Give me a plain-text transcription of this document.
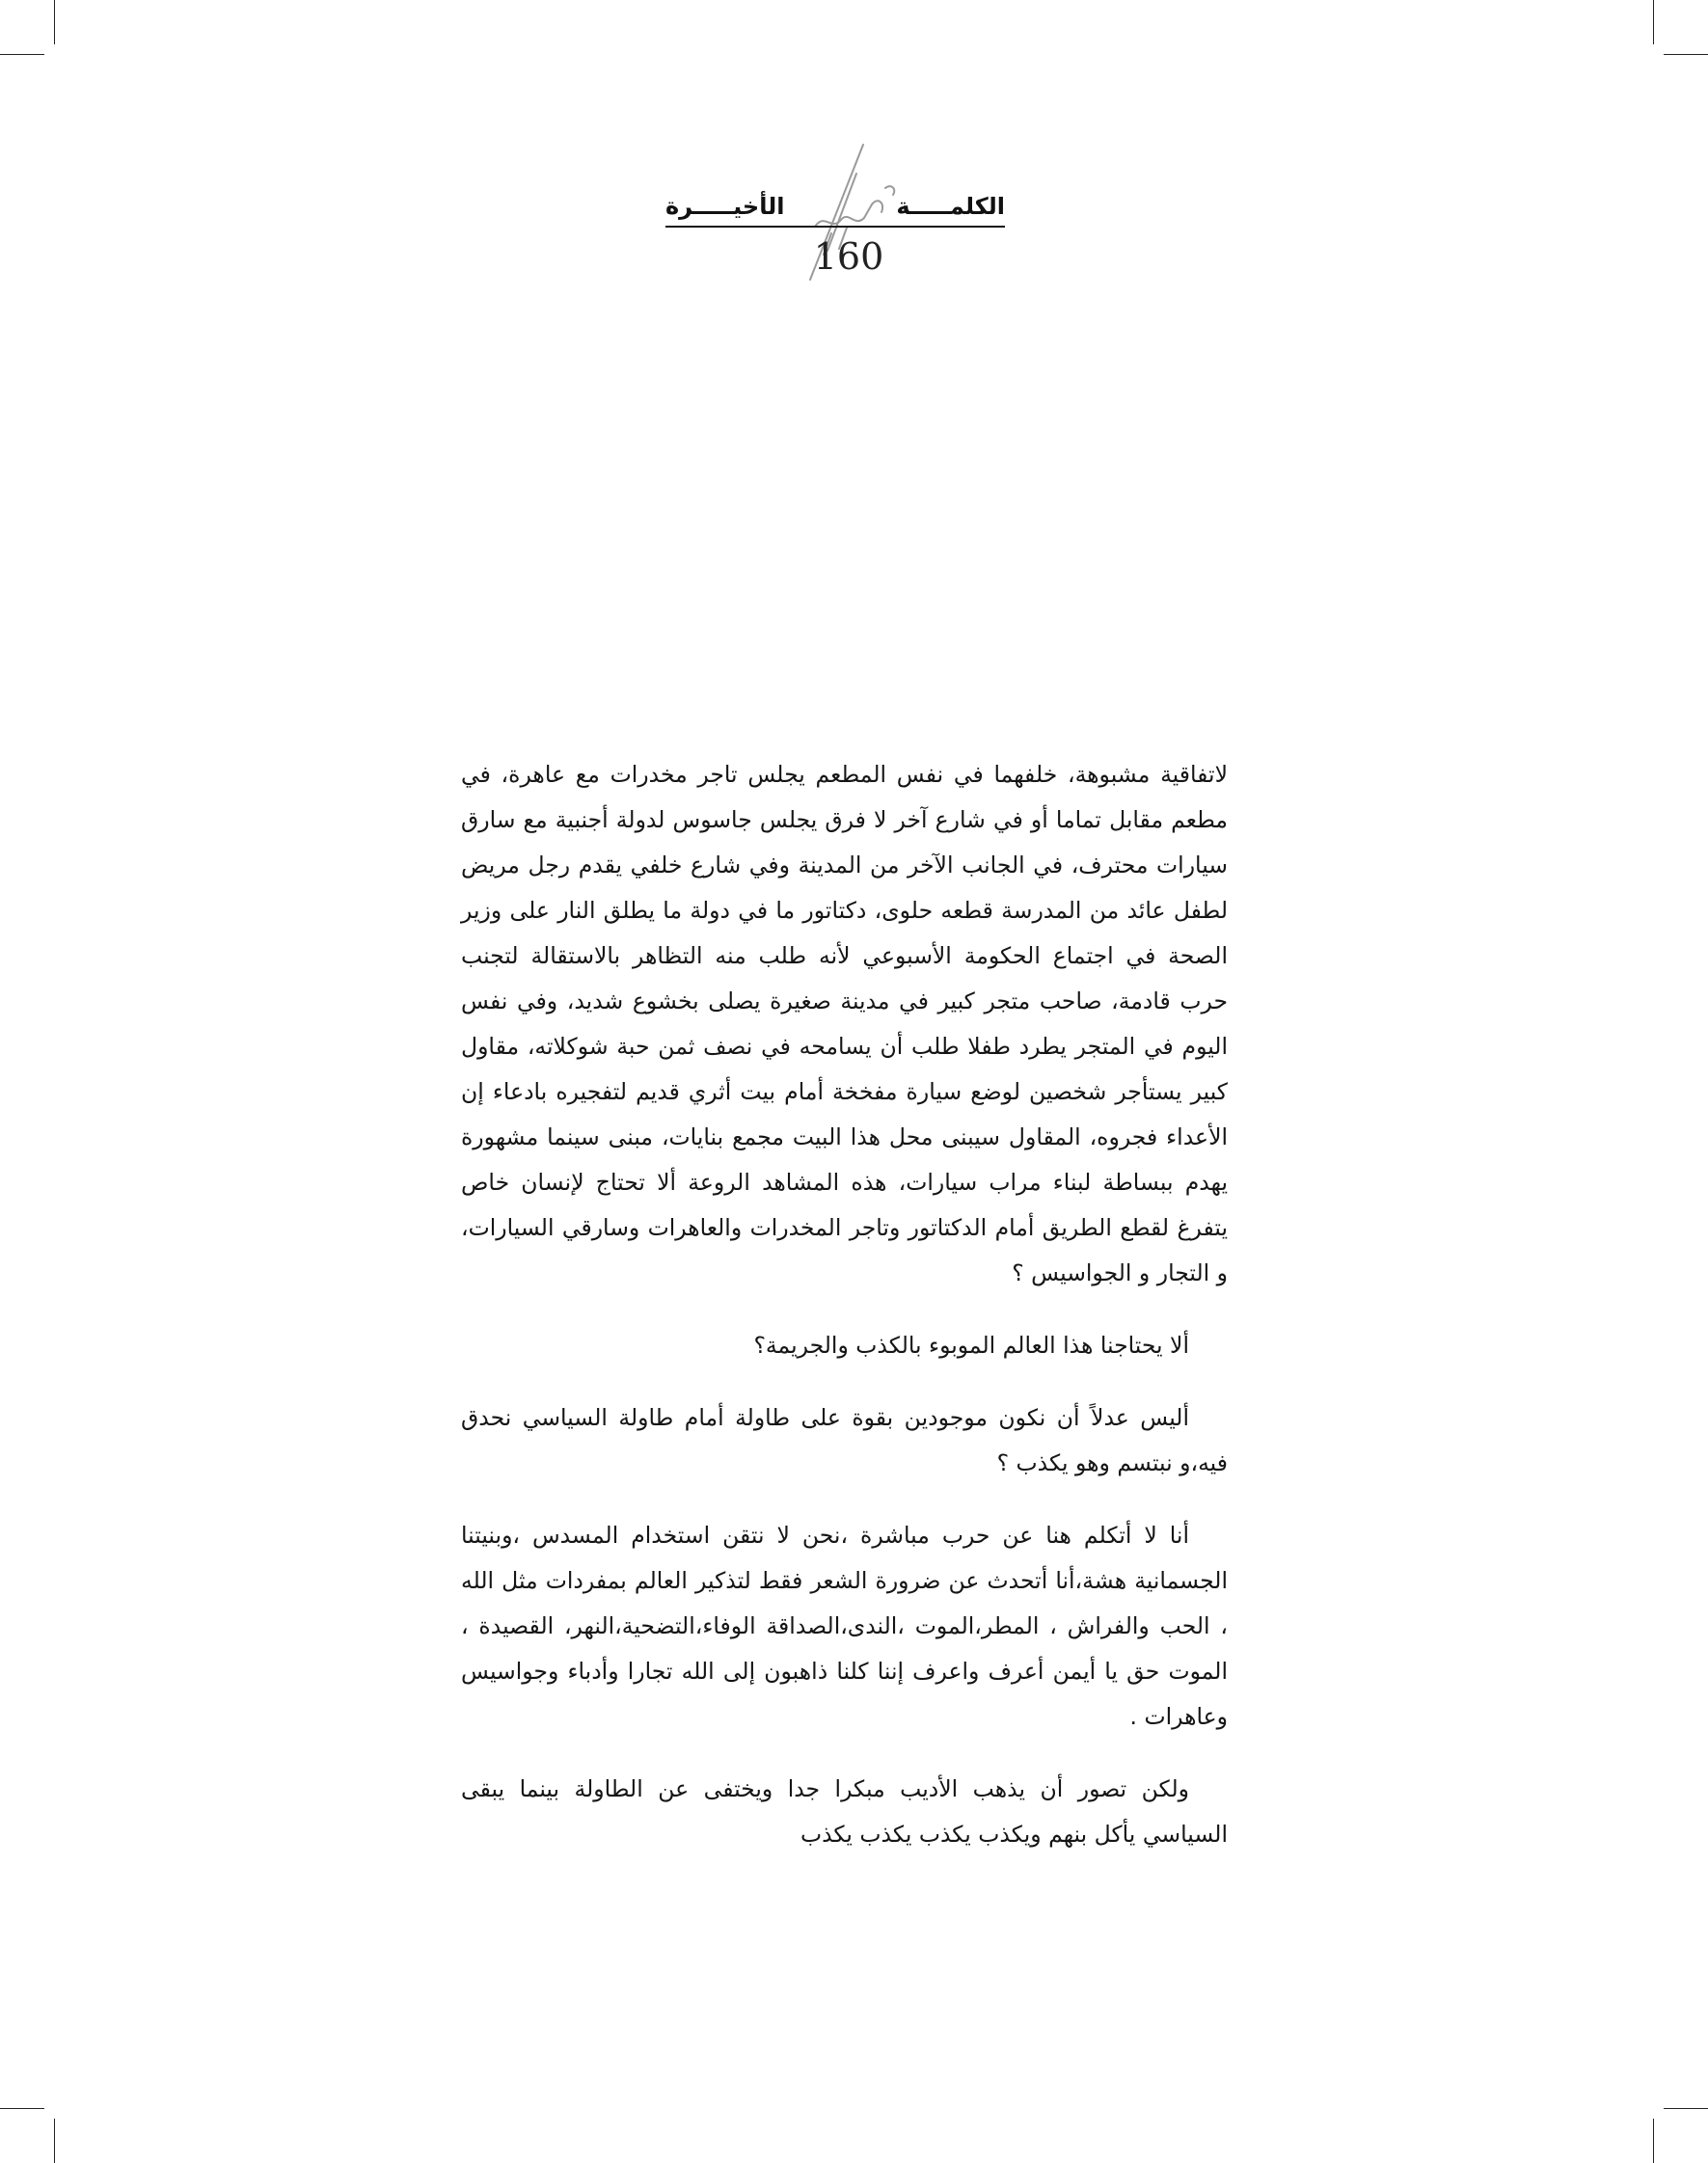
الكلمـــــة
الأخيـــــرة
160

لاتفاقية مشبوهة، خلفهما في نفس المطعم يجلس تاجر مخدرات مع عاهرة، في مطعم مقابل تماما أو في شارع آخر لا فرق يجلس جاسوس لدولة أجنبية مع سارق سيارات محترف، في الجانب الآخر من المدينة وفي شارع خلفي يقدم رجل مريض لطفل عائد من المدرسة قطعه حلوى، دكتاتور ما في دولة ما يطلق النار على وزير الصحة في اجتماع الحكومة الأسبوعي لأنه طلب منه التظاهر بالاستقالة لتجنب حرب قادمة، صاحب متجر كبير في مدينة صغيرة يصلى بخشوع شديد، وفي نفس اليوم في المتجر يطرد طفلا طلب أن يسامحه في نصف ثمن حبة شوكلاته، مقاول كبير يستأجر شخصين لوضع سيارة مفخخة أمام بيت أثري قديم لتفجيره بادعاء إن الأعداء فجروه، المقاول سيبنى محل هذا البيت مجمع بنايات، مبنى سينما مشهورة يهدم ببساطة لبناء مراب سيارات، هذه المشاهد الروعة ألا تحتاج لإنسان خاص يتفرغ لقطع الطريق أمام الدكتاتور وتاجر المخدرات والعاهرات وسارقي السيارات، و التجار و الجواسيس ؟

ألا يحتاجنا هذا العالم الموبوء بالكذب والجريمة؟

أليس عدلاً أن نكون موجودين بقوة على طاولة أمام طاولة السياسي نحدق فيه،و نبتسم وهو يكذب ؟

أنا لا أتكلم هنا عن حرب مباشرة ،نحن لا نتقن استخدام المسدس ،وبنيتنا الجسمانية هشة،أنا أتحدث عن ضرورة الشعر فقط لتذكير العالم بمفردات مثل الله ، الحب والفراش ، المطر،الموت ،الندى،الصداقة الوفاء،التضحية،النهر، القصيدة ، الموت حق يا أيمن أعرف واعرف إننا كلنا ذاهبون إلى الله تجارا وأدباء وجواسيس وعاهرات .

ولكن تصور أن يذهب الأديب مبكرا جدا ويختفى عن الطاولة بينما يبقى السياسي يأكل بنهم ويكذب يكذب يكذب يكذب
